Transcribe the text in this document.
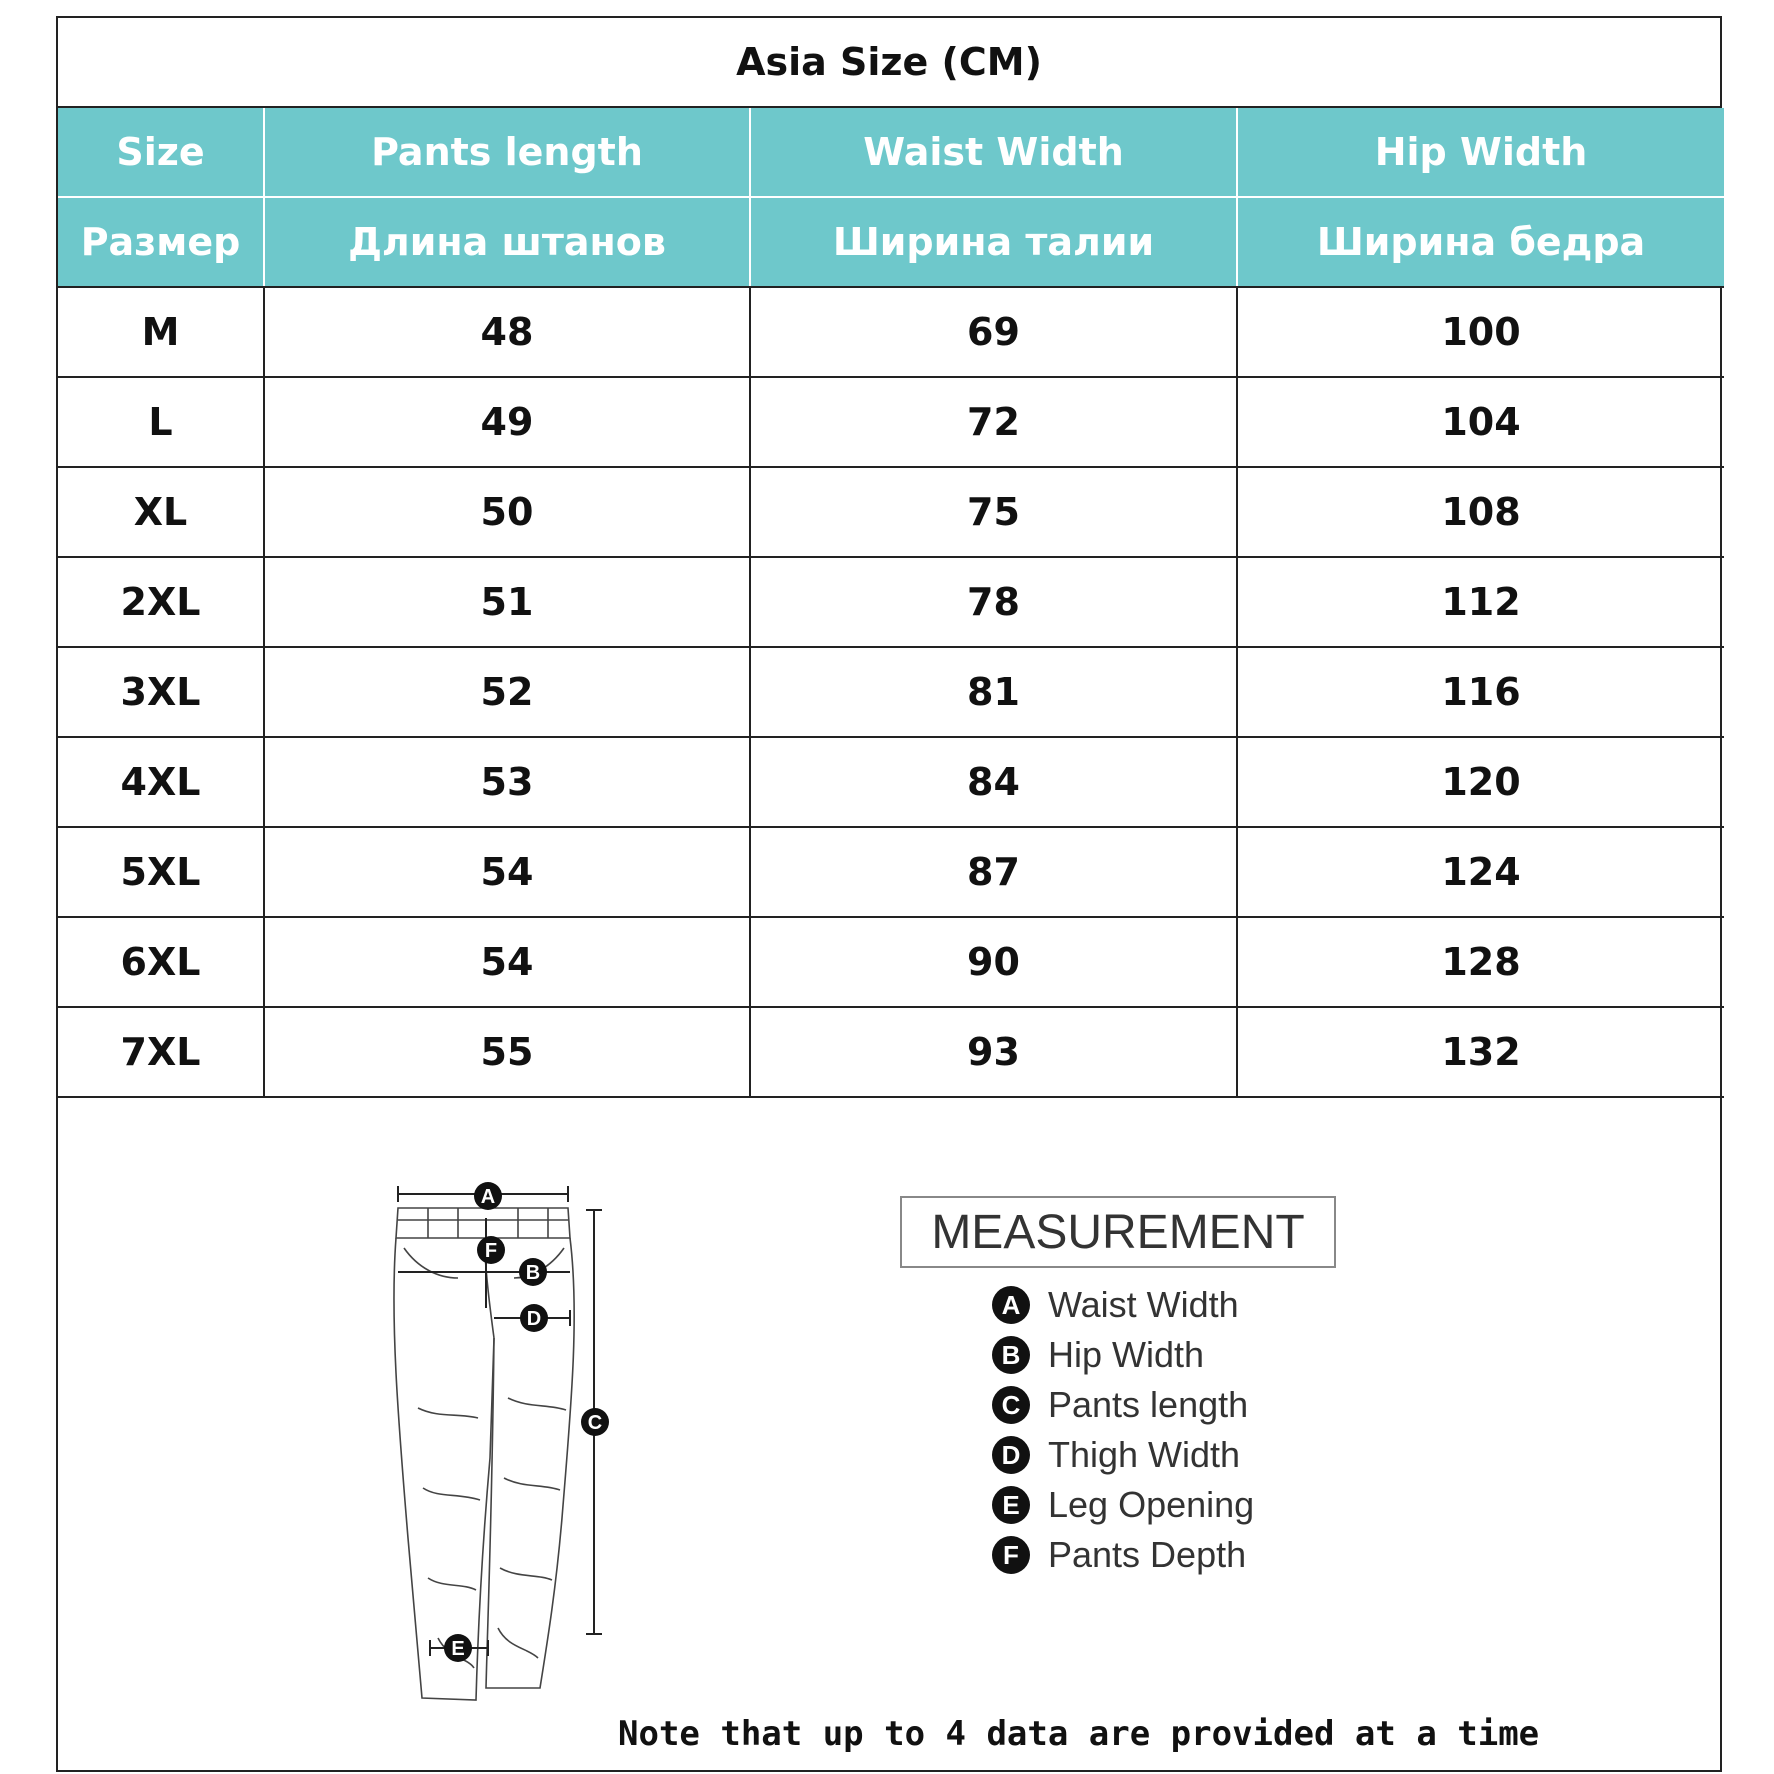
Asia Size (CM)
Size	Pants length	Waist Width	Hip Width
Размер	Длина штанов	Ширина талии	Ширина бедра
M	48	69	100
L	49	72	104
XL	50	75	108
2XL	51	78	112
3XL	52	81	116
4XL	53	84	120
5XL	54	87	124
6XL	54	90	128
7XL	55	93	132
A
F
B
D
C
E
MEASUREMENT
A Waist Width
B Hip Width
C Pants length
D Thigh Width
E Leg Opening
F Pants Depth
Note that up to 4 data are provided at a time
